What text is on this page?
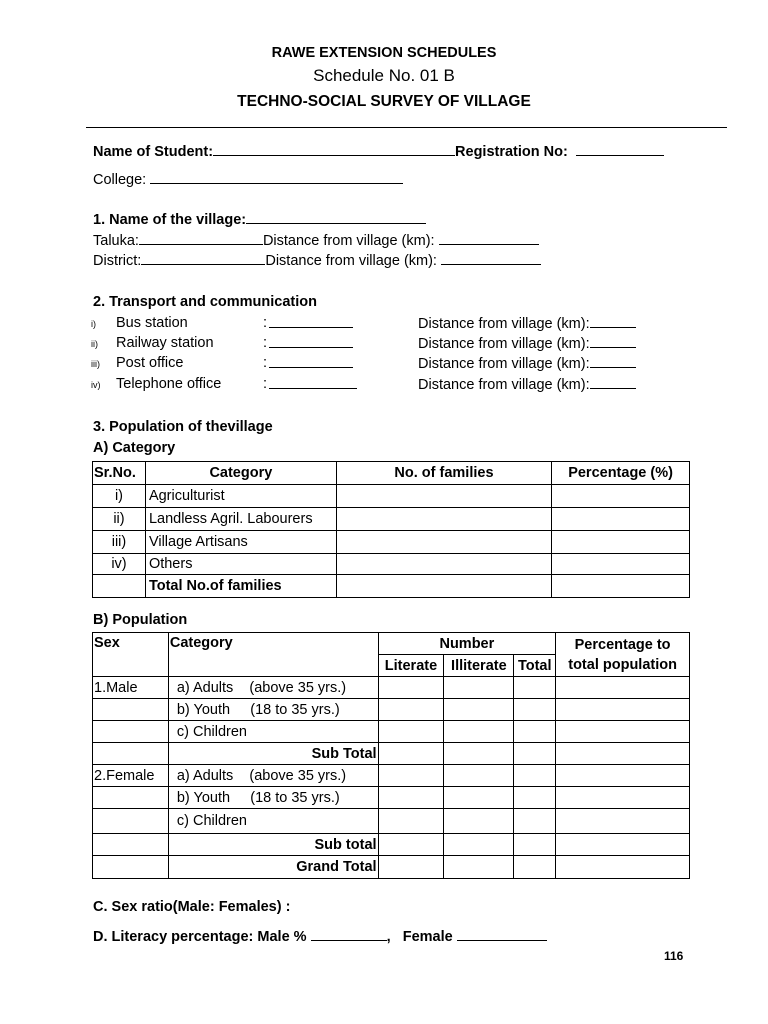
RAWE EXTENSION SCHEDULES
Schedule No. 01 B
TECHNO-SOCIAL SURVEY OF VILLAGE
Name of Student:	Registration No:
College:
1. Name of the village:
Taluka:	Distance from village (km):
District:	Distance from village (km):
2. Transport and communication
i) Bus station	:	Distance from village (km):
ii) Railway station	:	Distance from village (km):
iii) Post office	:	Distance from village (km):
iv) Telephone office	:	Distance from village (km):
3. Population of thevillage
A) Category
Sr.No.	Category	No. of families	Percentage (%)
i)	Agriculturist		
ii)	Landless Agril. Labourers		
iii)	Village Artisans		
iv)	Others		
	Total No.of families		
B) Population
Sex	Category	Number			Percentage to
total population

		Literate	Illiterate	Total	
1.Male	a) Adults (above 35 yrs.)				
	b) Youth (18 to 35 yrs.)				
	c) Children				
	Sub Total				
2.Female	a) Adults (above 35 yrs.)				
	b) Youth (18 to 35 yrs.)				
	c) Children				
	Sub total				
	Grand Total				
C. Sex ratio(Male: Females) :
D. Literacy percentage: Male %	, Female
116
